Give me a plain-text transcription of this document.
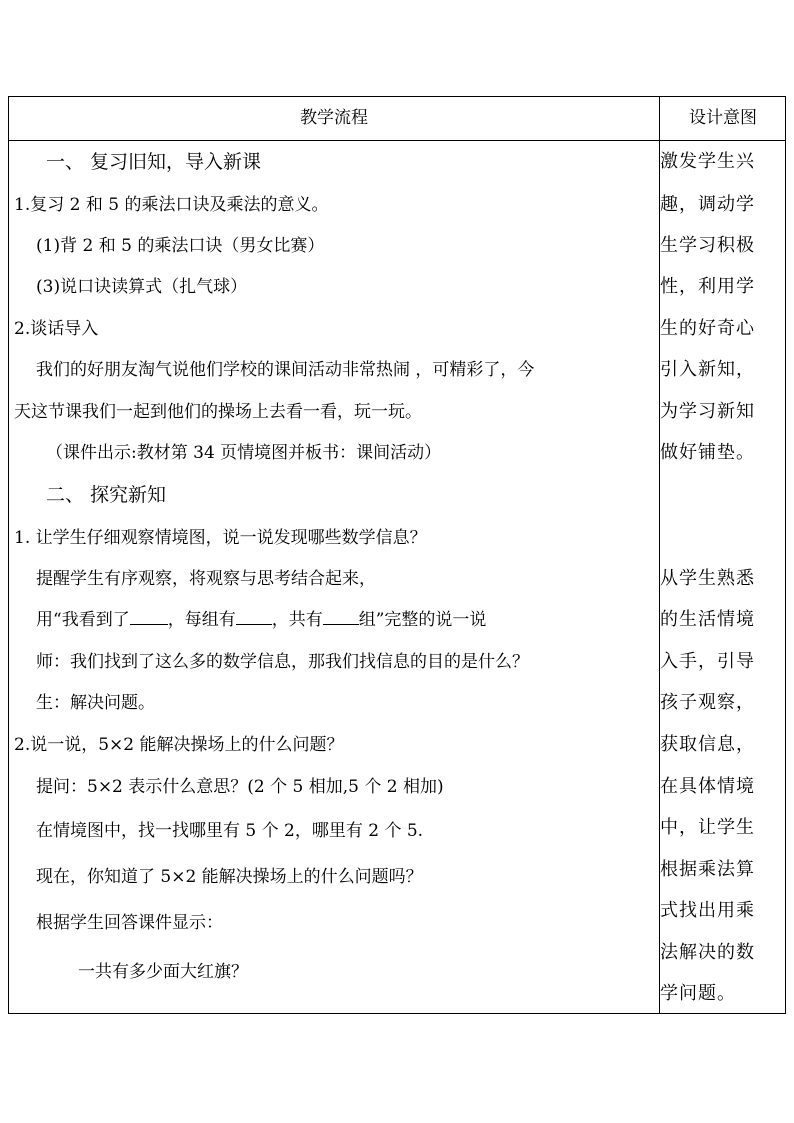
教学流程	设计意图
一、 复习旧知，导入新课
1.复习 2 和 5 的乘法口诀及乘法的意义。
(1)背 2 和 5 的乘法口诀（男女比赛）
(3)说口诀读算式（扎气球）
2.谈话导入
我们的好朋友淘气说他们学校的课间活动非常热闹 ，可精彩了，今
天这节课我们一起到他们的操场上去看一看，玩一玩。
（课件出示:教材第 34 页情境图并板书：课间活动）
二、 探究新知
1. 让学生仔细观察情境图，说一说发现哪些数学信息？
提醒学生有序观察，将观察与思考结合起来，
用“我看到了 ，每组有 ，共有 组”完整的说一说
师：我们找到了这么多的数学信息，那我们找信息的目的是什么？
生：解决问题。
2.说一说，5×2 能解决操场上的什么问题？
提问：5×2 表示什么意思？(2 个 5 相加,5 个 2 相加)
在情境图中，找一找哪里有 5 个 2，哪里有 2 个 5.
现在，你知道了 5×2 能解决操场上的什么问题吗？
根据学生回答课件显示：
一共有多少面大红旗？
激发学生兴
趣，调动学
生学习积极
性，利用学
生的好奇心
引入新知，
为学习新知
做好铺垫。
从学生熟悉
的生活情境
入手，引导
孩子观察，
获取信息，
在具体情境
中，让学生
根据乘法算
式找出用乘
法解决的数
学问题。
